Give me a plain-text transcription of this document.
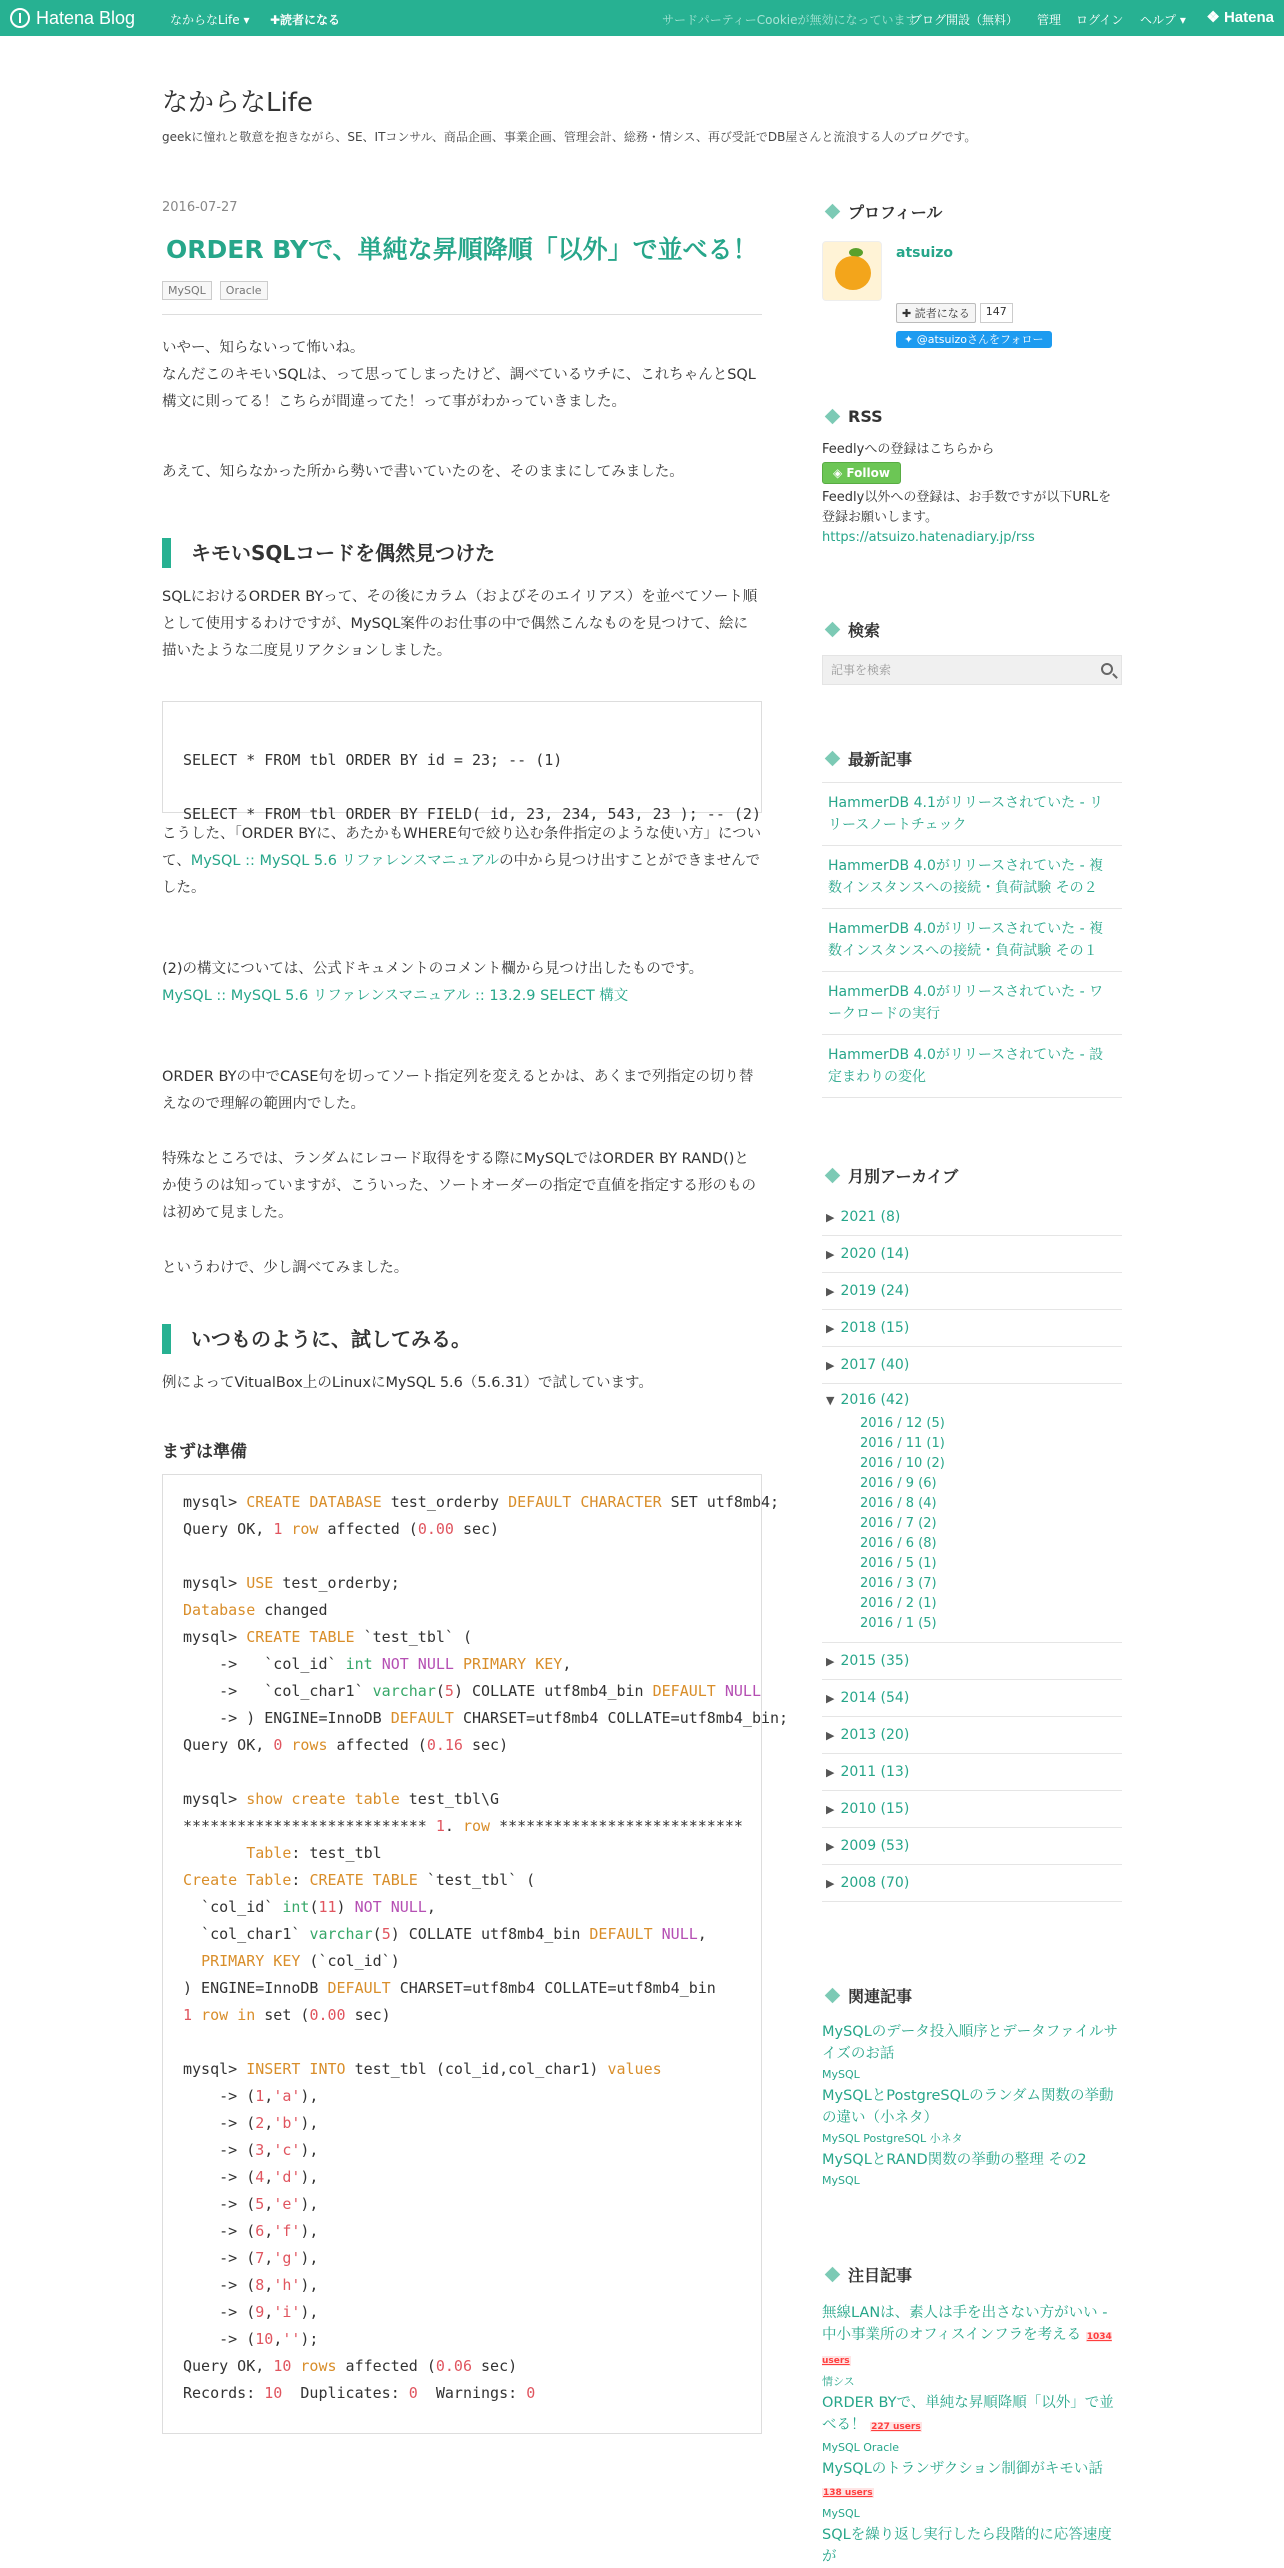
Hatena Blog	なからなLife ▾ ✚読者になる	サードパーティーCookieが無効になっています
ブログ開設（無料） 管理 ログイン ヘルプ ▾ ❖ Hatena
なからなLife
geekに憧れと敬意を抱きながら、SE、ITコンサル、商品企画、事業企画、管理会計、総務・情シス、再び受託でDB屋さんと流浪する人のブログです。
2016-07-27
ORDER BYで、単純な昇順降順「以外」で並べる！
MySQL	Oracle
いやー、知らないって怖いね。
なんだこのキモいSQLは、って思ってしまったけど、調べているウチに、これちゃんとSQL構文に則ってる！こちらが間違ってた！って事がわかっていきました。
あえて、知らなかった所から勢いで書いていたのを、そのままにしてみました。
キモいSQLコードを偶然見つけた
SQLにおけるORDER BYって、その後にカラム（およびそのエイリアス）を並べてソート順として使用するわけですが、MySQL案件のお仕事の中で偶然こんなものを見つけて、絵に描いたような二度見リアクションしました。

SELECT * FROM tbl ORDER BY id = 23; -- (1)

SELECT * FROM tbl ORDER BY FIELD( id, 23, 234, 543, 23 ); -- (2)

こうした、「ORDER BYに、あたかもWHERE句で絞り込む条件指定のような使い方」について、MySQL :: MySQL 5.6 リファレンスマニュアルの中から見つけ出すことができませんでした。
(2)の構文については、公式ドキュメントのコメント欄から見つけ出したものです。
MySQL :: MySQL 5.6 リファレンスマニュアル :: 13.2.9 SELECT 構文
ORDER BYの中でCASE句を切ってソート指定列を変えるとかは、あくまで列指定の切り替えなので理解の範囲内でした。
特殊なところでは、ランダムにレコード取得をする際にMySQLではORDER BY RAND()とか使うのは知っていますが、こういった、ソートオーダーの指定で直値を指定する形のものは初めて見ました。
というわけで、少し調べてみました。
いつものように、試してみる。
例によってVitualBox上のLinuxにMySQL 5.6（5.6.31）で試しています。
まずは準備
mysql> CREATE DATABASE test_orderby DEFAULT CHARACTER SET utf8mb4;
Query OK, 1 row affected (0.00 sec)

mysql> USE test_orderby;
Database changed
mysql> CREATE TABLE `test_tbl` (
->   `col_id` int NOT NULL PRIMARY KEY,
->   `col_char1` varchar(5) COLLATE utf8mb4_bin DEFAULT NULL
-> ) ENGINE=InnoDB DEFAULT CHARSET=utf8mb4 COLLATE=utf8mb4_bin;
Query OK, 0 rows affected (0.16 sec)

mysql> show create table test_tbl\G
*************************** 1. row ***************************
Table: test_tbl
Create Table: CREATE TABLE `test_tbl` (
`col_id` int(11) NOT NULL,
`col_char1` varchar(5) COLLATE utf8mb4_bin DEFAULT NULL,
PRIMARY KEY (`col_id`)
) ENGINE=InnoDB DEFAULT CHARSET=utf8mb4 COLLATE=utf8mb4_bin
1 row in set (0.00 sec)

mysql> INSERT INTO test_tbl (col_id,col_char1) values
-> (1,'a'),
-> (2,'b'),
-> (3,'c'),
-> (4,'d'),
-> (5,'e'),
-> (6,'f'),
-> (7,'g'),
-> (8,'h'),
-> (9,'i'),
-> (10,'');
Query OK, 10 rows affected (0.06 sec)
Records: 10  Duplicates: 0  Warnings: 0
プロフィール
atsuizo
✚ 読者になる	147
✦ @atsuizoさんをフォロー
RSS
Feedlyへの登録はこちらから
◈ Follow
Feedly以外への登録は、お手数ですが以下URLを登録お願いします。
https://atsuizo.hatenadiary.jp/rss
検索
記事を検索
最新記事
HammerDB 4.1がリリースされていた - リリースノートチェック
HammerDB 4.0がリリースされていた - 複数インスタンスへの接続・負荷試験 その２
HammerDB 4.0がリリースされていた - 複数インスタンスへの接続・負荷試験 その１
HammerDB 4.0がリリースされていた - ワークロードの実行
HammerDB 4.0がリリースされていた - 設定まわりの変化
月別アーカイブ
▶ 2021 (8)
▶ 2020 (14)
▶ 2019 (24)
▶ 2018 (15)
▶ 2017 (40)
▼ 2016 (42)
2016 / 12 (5)
2016 / 11 (1)
2016 / 10 (2)
2016 / 9 (6)
2016 / 8 (4)
2016 / 7 (2)
2016 / 6 (8)
2016 / 5 (1)
2016 / 3 (7)
2016 / 2 (1)
2016 / 1 (5)
▶ 2015 (35)
▶ 2014 (54)
▶ 2013 (20)
▶ 2011 (13)
▶ 2010 (15)
▶ 2009 (53)
▶ 2008 (70)
関連記事
MySQLのデータ投入順序とデータファイルサイズのお話
MySQL
MySQLとPostgreSQLのランダム関数の挙動の違い（小ネタ）
MySQL PostgreSQL 小ネタ
MySQLとRAND関数の挙動の整理 その2
MySQL
注目記事
無線LANは、素人は手を出さない方がいい - 中小事業所のオフィスインフラを考える 1034 users
情シス
ORDER BYで、単純な昇順降順「以外」で並べる！ 227 users
MySQL Oracle
MySQLのトランザクション制御がキモい話 138 users
MySQL
SQLを繰り返し実行したら段階的に応答速度が
